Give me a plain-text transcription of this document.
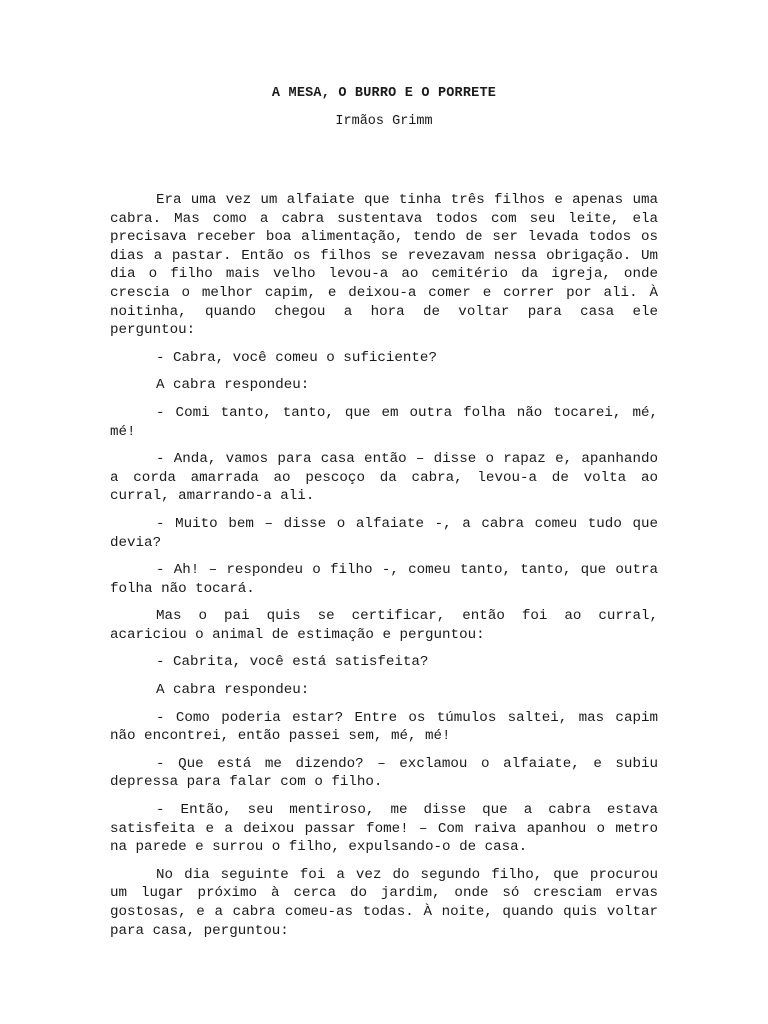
A MESA, O BURRO E O PORRETE
Irmãos Grimm

Era uma vez um alfaiate que tinha três filhos e apenas uma cabra. Mas como a cabra sustentava todos com seu leite, ela precisava receber boa alimentação, tendo de ser levada todos os dias a pastar. Então os filhos se revezavam nessa obrigação. Um dia o filho mais velho levou-a ao cemitério da igreja, onde crescia o melhor capim, e deixou-a comer e correr por ali. À noitinha, quando chegou a hora de voltar para casa ele perguntou:

- Cabra, você comeu o suficiente?

A cabra respondeu:

- Comi tanto, tanto, que em outra folha não tocarei, mé, mé!

- Anda, vamos para casa então – disse o rapaz e, apanhando a corda amarrada ao pescoço da cabra, levou-a de volta ao curral, amarrando-a ali.

- Muito bem – disse o alfaiate -, a cabra comeu tudo que devia?

- Ah! – respondeu o filho -, comeu tanto, tanto, que outra folha não tocará.

Mas o pai quis se certificar, então foi ao curral, acariciou o animal de estimação e perguntou:

- Cabrita, você está satisfeita?

A cabra respondeu:

- Como poderia estar? Entre os túmulos saltei, mas capim não encontrei, então passei sem, mé, mé!

- Que está me dizendo? – exclamou o alfaiate, e subiu depressa para falar com o filho.

- Então, seu mentiroso, me disse que a cabra estava satisfeita e a deixou passar fome! – Com raiva apanhou o metro na parede e surrou o filho, expulsando-o de casa.

No dia seguinte foi a vez do segundo filho, que procurou um lugar próximo à cerca do jardim, onde só cresciam ervas gostosas, e a cabra comeu-as todas. À noite, quando quis voltar para casa, perguntou:
